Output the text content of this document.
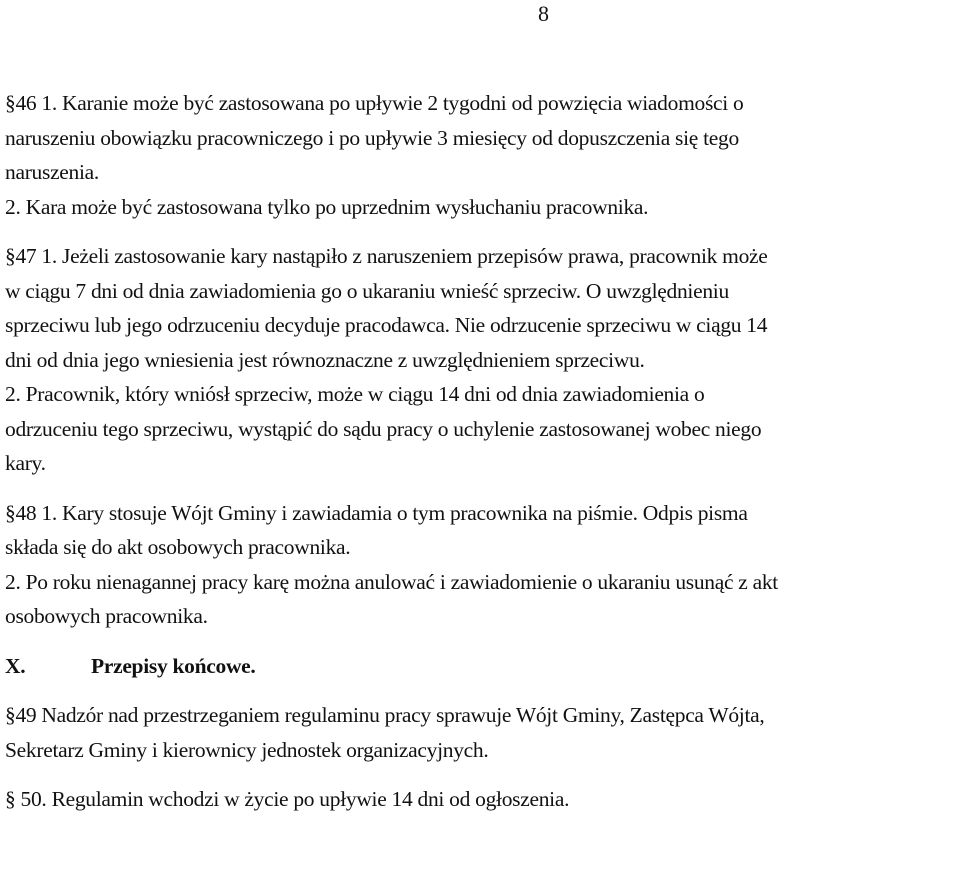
8
§46 1. Karanie może być zastosowana po upływie 2 tygodni od powzięcia wiadomości o
naruszeniu obowiązku pracowniczego i po upływie 3 miesięcy od dopuszczenia się tego
naruszenia.
2. Kara może być zastosowana tylko po uprzednim wysłuchaniu pracownika.
§47 1. Jeżeli zastosowanie kary nastąpiło z naruszeniem przepisów prawa, pracownik może
w ciągu 7 dni od dnia zawiadomienia go o ukaraniu wnieść sprzeciw. O uwzględnieniu
sprzeciwu lub jego odrzuceniu decyduje pracodawca. Nie odrzucenie sprzeciwu w ciągu 14
dni od dnia jego wniesienia jest równoznaczne z uwzględnieniem sprzeciwu.
2. Pracownik, który wniósł sprzeciw, może w ciągu 14 dni od dnia zawiadomienia o
odrzuceniu tego sprzeciwu, wystąpić do sądu pracy o uchylenie zastosowanej wobec niego
kary.
§48 1. Kary stosuje Wójt Gminy i zawiadamia o tym pracownika na piśmie. Odpis pisma
składa się do akt osobowych pracownika.
2. Po roku nienagannej pracy karę można anulować i zawiadomienie o ukaraniu usunąć z akt
osobowych pracownika.
X.	Przepisy końcowe.
§49 Nadzór nad przestrzeganiem regulaminu pracy sprawuje Wójt Gminy, Zastępca Wójta,
Sekretarz Gminy i kierownicy jednostek organizacyjnych.
§ 50. Regulamin wchodzi w życie po upływie 14 dni od ogłoszenia.
